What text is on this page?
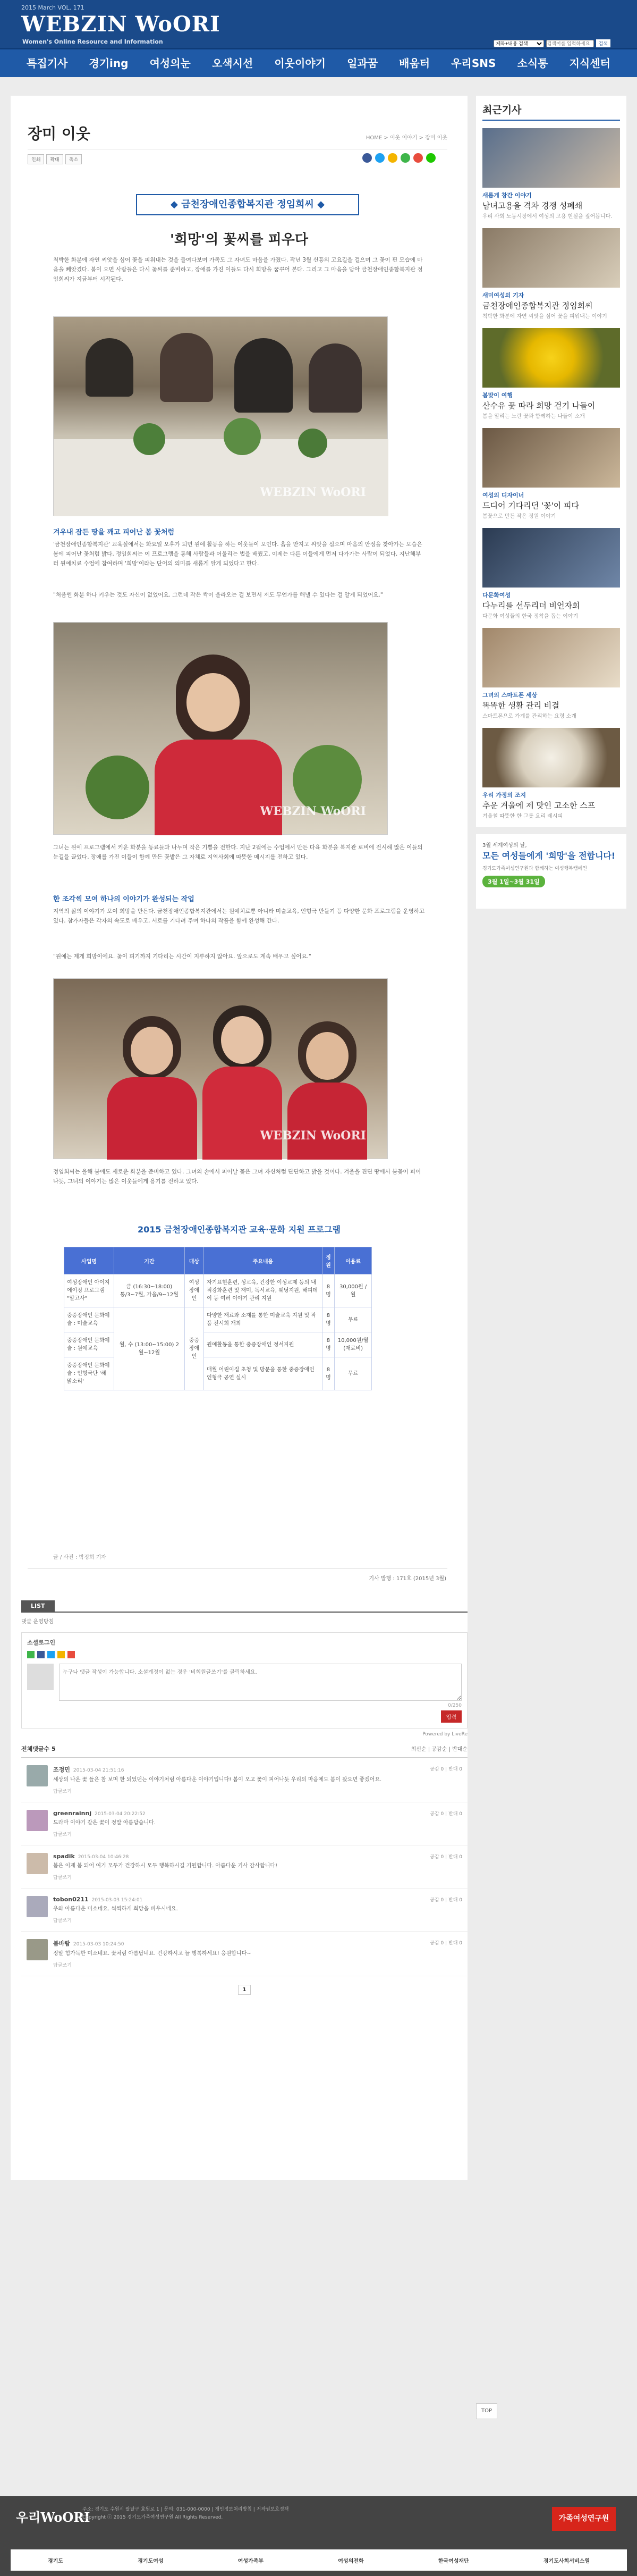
2015 March VOL. 171
WEBZIN WoORI
Women's Online Resource and Information
제목+내용 검색
검색어를 입력하세요	검색
특집기사	경기ing	여성의눈	오색시선	이웃이야기	일과꿈	배움터	우리SNS	소식통	지식센터
장미 이웃	HOME > 이웃 이야기 > 장미 이웃
인쇄	확대	축소
◆ 금천장애인종합복지관 정임희씨 ◆
'희망'의 꽃씨를 피우다
척박한 화분에 자연 씨앗을 심어 꽃을 피워내는 것을 들여다보며 가족도 그 자녀도 마음을 가졌다. 작년 3월 신흥의 고요길을 걸으며 그 꽃이 핀 모습에 마음을 빼앗겼다. 봄이 오면 사람들은 다시 꽃씨를 준비하고, 장애를 가진 이들도 다시 희망을 꿈꾸어 본다. 그리고 그 마음을 담아 금천장애인종합복지관 정임희씨가 지금부터 시작된다.
WEBZIN WoORI
겨우내 잠든 땅을 깨고 피어난 봄 꽃처럼
'금천장애인종합복지관' 교육실에서는 화요일 오후가 되면 원예 활동을 하는 이웃들이 모인다. 흙을 만지고 씨앗을 심으며 마음의 안정을 찾아가는 모습은 봄에 피어난 꽃처럼 밝다. 정임희씨는 이 프로그램을 통해 사람들과 어울리는 법을 배웠고, 이제는 다른 이들에게 먼저 다가가는 사람이 되었다. 지난해부터 원예치료 수업에 참여하며 '희망'이라는 단어의 의미를 새롭게 알게 되었다고 한다.
"처음엔 화분 하나 키우는 것도 자신이 없었어요. 그런데 작은 싹이 올라오는 걸 보면서 저도 무언가를 해낼 수 있다는 걸 알게 되었어요."
WEBZIN WoORI
그녀는 원예 프로그램에서 키운 화분을 동료들과 나누며 작은 기쁨을 전한다. 지난 2월에는 수업에서 만든 다육 화분을 복지관 로비에 전시해 많은 이들의 눈길을 끌었다. 장애를 가진 이들이 함께 만든 꽃밭은 그 자체로 지역사회에 따뜻한 메시지를 전하고 있다.
한 조각씩 모여 하나의 이야기가 완성되는 작업
지역의 삶의 이야기가 모여 희망을 만든다. 금천장애인종합복지관에서는 원예치료뿐 아니라 미술교육, 인형극 만들기 등 다양한 문화 프로그램을 운영하고 있다. 참가자들은 각자의 속도로 배우고, 서로를 기다려 주며 하나의 작품을 함께 완성해 간다.
"원예는 제게 희망이에요. 꽃이 피기까지 기다리는 시간이 지루하지 않아요. 앞으로도 계속 배우고 싶어요."
WEBZIN WoORI
정임희씨는 올해 봄에도 새로운 화분을 준비하고 있다. 그녀의 손에서 피어날 꽃은 그녀 자신처럼 단단하고 밝을 것이다. 겨울을 견딘 땅에서 봄꽃이 피어나듯, 그녀의 이야기는 많은 이웃들에게 용기를 전하고 있다.
2015 금천장애인종합복지관 교육·문화 지원 프로그램
사업명	기간	대상	주요내용	정원	이용료
여성장애인 아이지 에이징 프로그램 "알고사"	금 (16:30~18:00) 통/3~7월, 가을/9~12월	여성 장애인	자기표현훈련, 성교육, 건강한 이성교제 등의 내적강화훈련 및 재미, 독서교육, 웨딩지원, 해피데이 등 여러 이야기 관리 지원	8명	30,000원 /월
중증장애인 문화예술 : 미술교육	월, 수 (13:00~15:00) 2월~12월	중증장애인	다양한 재료와 소재를 통한 미술교육 지원 및 작품 전시회 개최	8명	무료
중증장애인 문화예술 : 원예교육			원예활동을 통한 중증장애인 정서지원	8명	10,000원/월 (재료비)
중증장애인 문화예술 : 인형극단 '해맑소리'			매월 어린이집 초청 및 방문을 통한 중증장애인 인형극 공연 실시	8명	무료
글 / 사진 : 박정희 기자
기사 발행 : 171호 (2015년 3월)
LIST
댓글 운영방침
소셜로그인
누구나 댓글 작성이 가능합니다. 소셜계정이 없는 경우 '비회원글쓰기'를 클릭하세요.
0/250
입력
Powered by LiveRe
전체댓글수 5	최신순 | 공감순 | 반대순
조정민 2015-03-04 21:51:16
세상의 나온 꽃 들은 참 보며 한 되었던는 이야기처럼 아름다운 이야기입니다! 봄이 오고 꽃이 피어나듯 우리의 마음에도 봄이 왔으면 좋겠어요.
답글쓰기
공감 0 | 반대 0
greenrainnj 2015-03-04 20:22:52
드라마 이야기 같은 꽃이 정말 아름답습니다.
답글쓰기
공감 0 | 반대 0
spadik 2015-03-04 10:46:28
봄은 이제 봄 되어 여기 모두가 건강하시 모두 행복하시길 기원합니다. 아름다운 기사 감사합니다!
답글쓰기
공감 0 | 반대 0
tobon0211 2015-03-03 15:24:01
우와 아름다운 미소네요. 씩씩하게 희망을 피우시네요.
답글쓰기
공감 0 | 반대 0
봄바람 2015-03-03 10:24:50
정말 힘가득한 미소네요. 꽃처럼 아름답네요. 건강하시고 늘 행복하세요! 응원합니다~
답글쓰기
공감 0 | 반대 0
1
TOP
최근기사
새롭게 창간 이야기
남녀고용을 격차 경쟁 성폐쇄
우리 사회 노동시장에서 여성의 고용 현실을 짚어봅니다.
새미여성의 기자
금천장애인종합복지관 정임희씨
척박한 화분에 자연 씨앗을 심어 꽃을 피워내는 이야기
봄맞이 여행
산수유 꽃 따라 희망 걷기 나들이
봄을 알리는 노란 꽃과 함께하는 나들이 소개
여성의 디자이너
드디어 기다리던 '꽃'이 피다
봄꽃으로 만든 작은 정원 이야기
다문화여성
다누리를 선두리더 비언자회
다문화 여성들의 한국 정착을 돕는 이야기
그녀의 스마트폰 세상
똑똑한 생활 관리 비결
스마트폰으로 가계를 관리하는 요령 소개
우리 가정의 조지
추운 겨울에 제 맛인 고소한 스프
겨울철 따뜻한 한 그릇 요리 레시피
3월 세계여성의 날,
모든 여성들에게 '희망'을 전합니다!
경기도가족여성연구원과 함께하는 여성행복캠페인
3월 1일~3월 31일
우리WoORI
주소: 경기도 수원시 팔달구 효원로 1 | 문의: 031-000-0000 | 개인정보처리방침 | 저작권보호정책
Copyright ⓒ 2015 경기도가족여성연구원 All Rights Reserved.	가족여성연구원
경기도	경기도여성	여성가족부	여성의전화	한국여성재단	경기도사회서비스원
